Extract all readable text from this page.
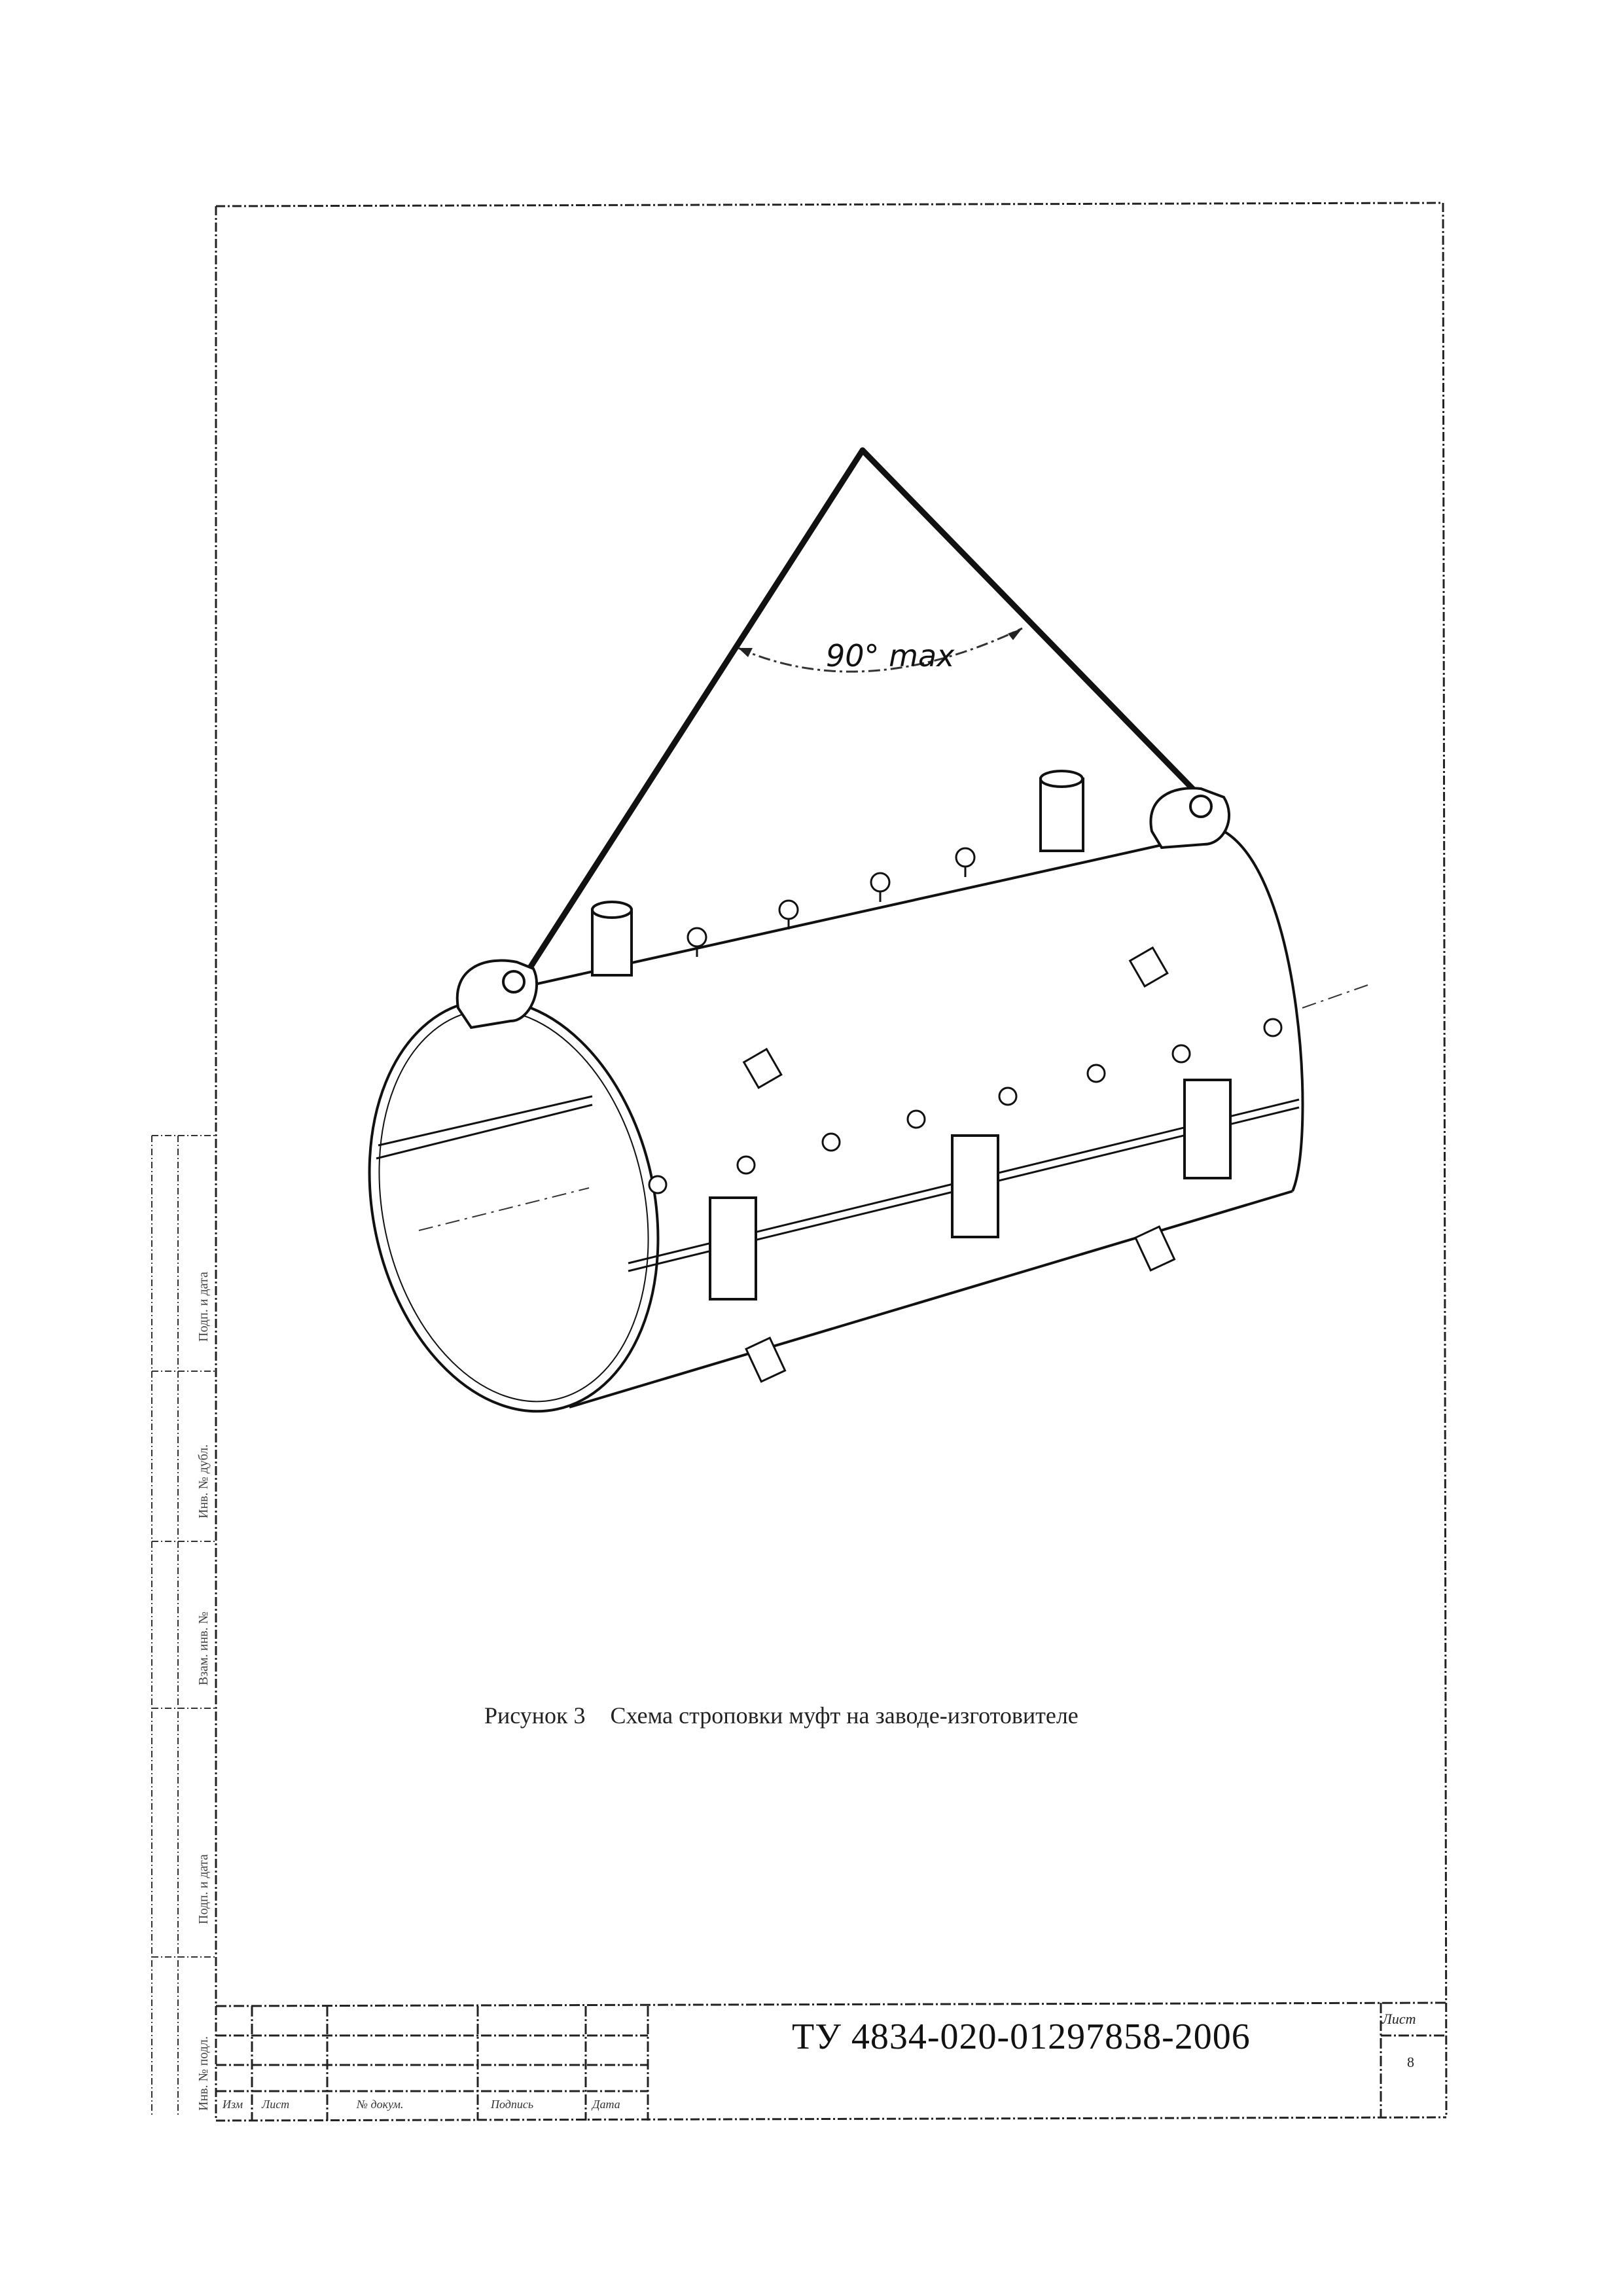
90° max
Рисунок 3 Схема строповки муфт на заводе-изготовителе
ТУ 4834-020-01297858-2006	Лист
8
Изм Лист	№ докум.	Подпись	Дата
Подп. и дата
Инв. № дубл.
Взам. инв. №
Подп. и дата
Инв. № подл.
